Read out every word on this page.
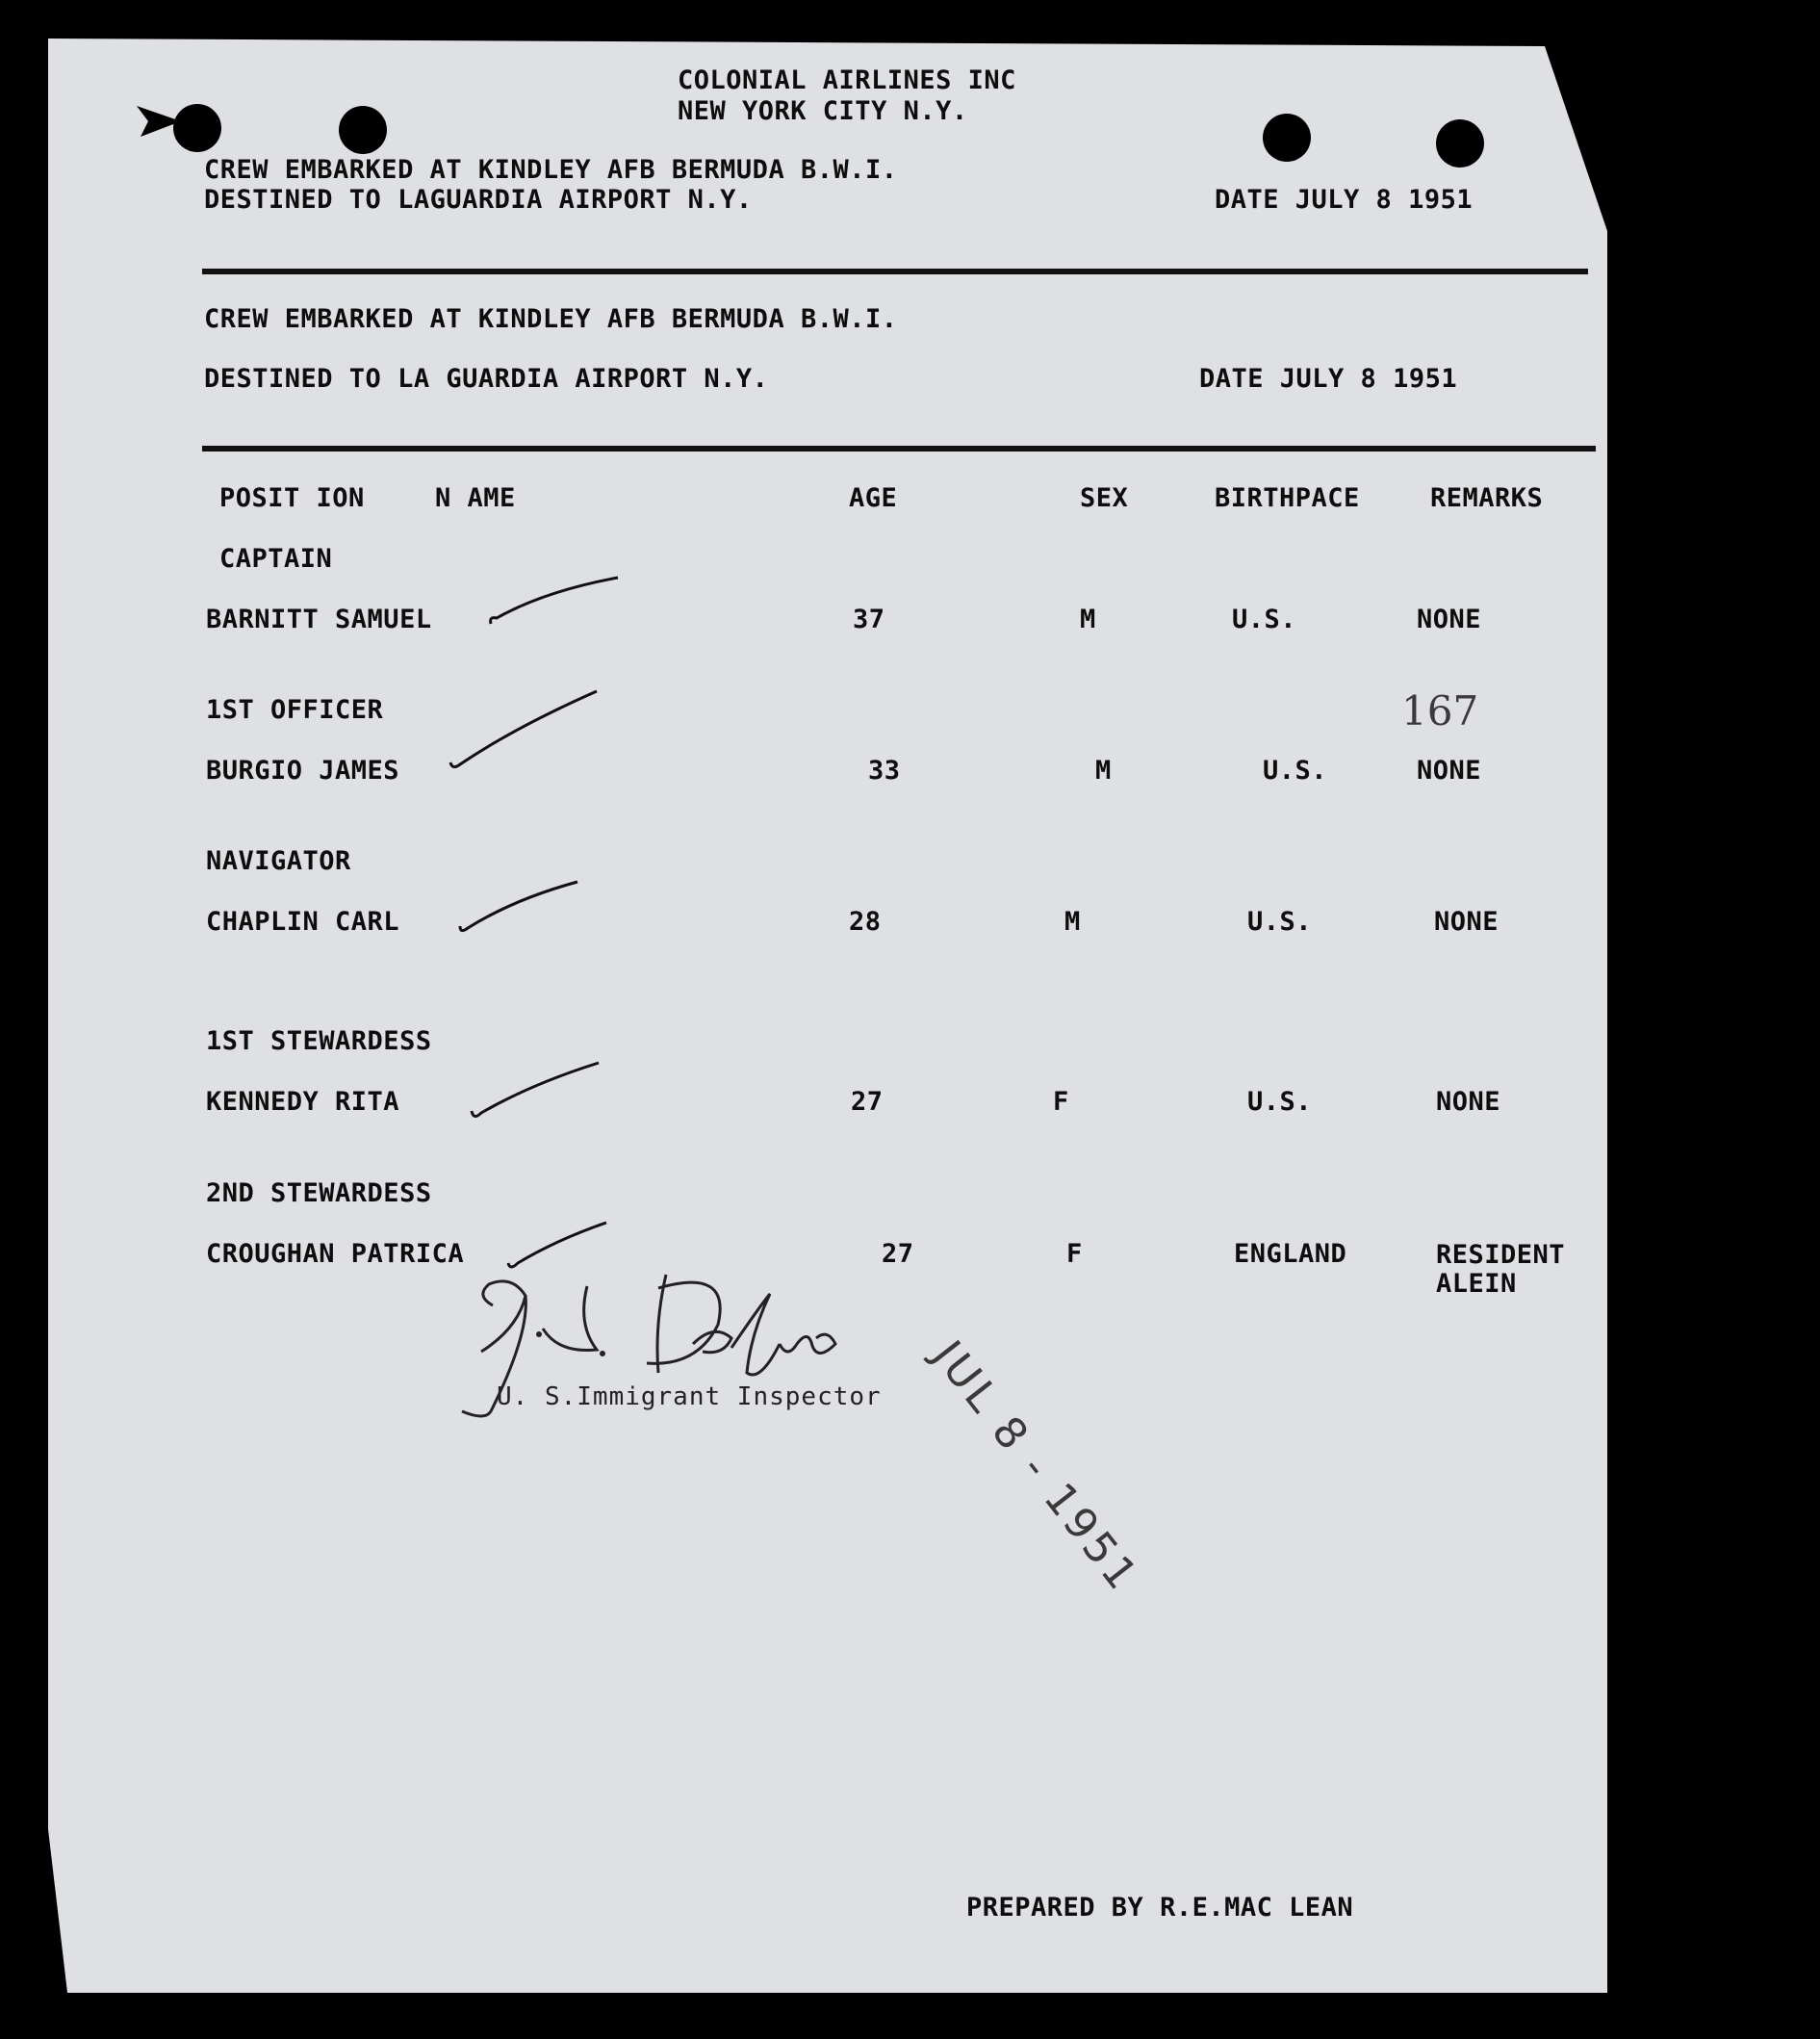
COLONIAL AIRLINES INC
NEW YORK CITY N.Y.
CREW EMBARKED AT KINDLEY AFB BERMUDA B.W.I.
DESTINED TO LAGUARDIA AIRPORT N.Y.	DATE JULY 8 1951
CREW EMBARKED AT KINDLEY AFB BERMUDA B.W.I.
DESTINED TO LA GUARDIA AIRPORT N.Y.	DATE JULY 8 1951
POSIT ION	N AME	AGE	SEX	BIRTHPACE	REMARKS
CAPTAIN
BARNITT SAMUEL	37	M	U.S.	NONE
1ST OFFICER
BURGIO JAMES	33	M	U.S.	NONE
167
NAVIGATOR
CHAPLIN CARL	28	M	U.S.	NONE
1ST STEWARDESS
KENNEDY RITA	27	F	U.S.	NONE
2ND STEWARDESS
CROUGHAN PATRICA	27	F	ENGLAND	RESIDENT ALEIN
U. S.Immigrant Inspector JUL 8 - 1951
PREPARED BY R.E.MAC LEAN
